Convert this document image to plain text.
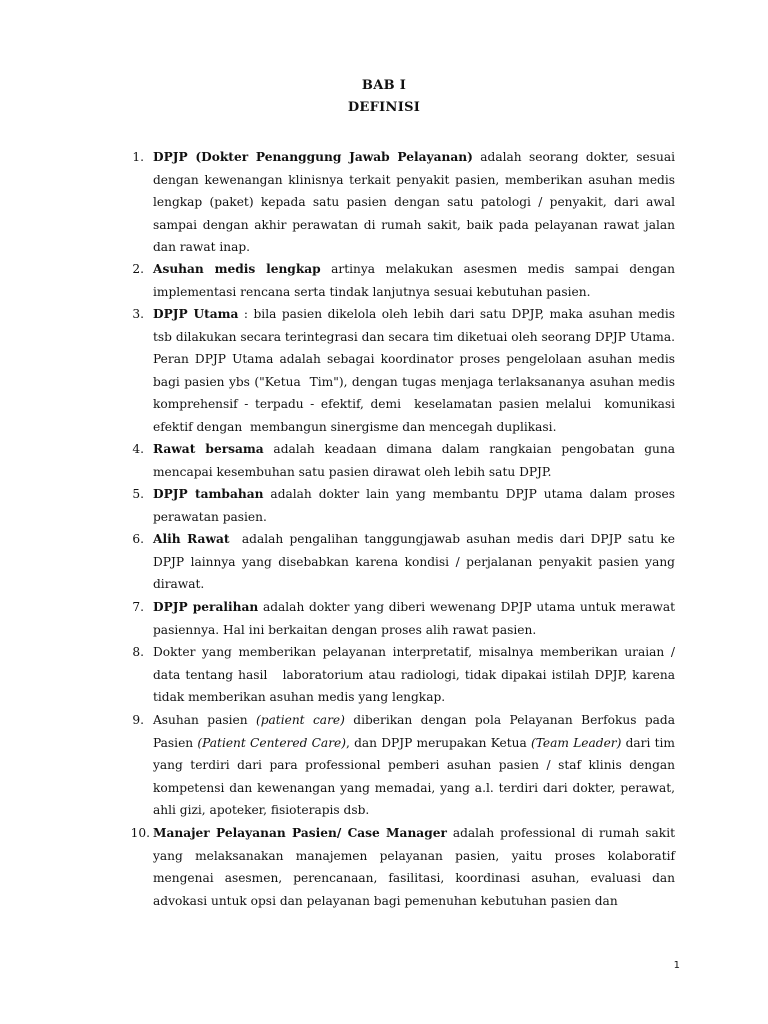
BAB I
DEFINISI
1. DPJP (Dokter Penanggung Jawab Pelayanan) adalah seorang dokter, sesuai dengan kewenangan klinisnya terkait penyakit pasien, memberikan asuhan medis lengkap (paket) kepada satu pasien dengan satu patologi / penyakit, dari awal sampai dengan akhir perawatan di rumah sakit, baik pada pelayanan rawat jalan dan rawat inap.
2. Asuhan medis lengkap artinya melakukan asesmen medis sampai dengan implementasi rencana serta tindak lanjutnya sesuai kebutuhan pasien.
3. DPJP Utama : bila pasien dikelola oleh lebih dari satu DPJP, maka asuhan medis tsb dilakukan secara terintegrasi dan secara tim diketuai oleh seorang DPJP Utama. Peran DPJP Utama adalah sebagai koordinator proses pengelolaan asuhan medis bagi pasien ybs ("Ketua  Tim"), dengan tugas menjaga terlaksananya asuhan medis komprehensif - terpadu - efektif, demi  keselamatan pasien melalui  komunikasi efektif dengan  membangun sinergisme dan mencegah duplikasi.
4. Rawat bersama adalah keadaan dimana dalam rangkaian pengobatan guna mencapai kesembuhan satu pasien dirawat oleh lebih satu DPJP.
5. DPJP tambahan adalah dokter lain yang membantu DPJP utama dalam proses perawatan pasien.
6. Alih Rawat  adalah pengalihan tanggungjawab asuhan medis dari DPJP satu ke DPJP lainnya yang disebabkan karena kondisi / perjalanan penyakit pasien yang dirawat.
7. DPJP peralihan adalah dokter yang diberi wewenang DPJP utama untuk merawat pasiennya. Hal ini berkaitan dengan proses alih rawat pasien.
8. Dokter yang memberikan pelayanan interpretatif, misalnya memberikan uraian / data tentang hasil   laboratorium atau radiologi, tidak dipakai istilah DPJP, karena tidak memberikan asuhan medis yang lengkap.
9. Asuhan pasien (patient care) diberikan dengan pola Pelayanan Berfokus pada Pasien (Patient Centered Care), dan DPJP merupakan Ketua (Team Leader) dari tim yang terdiri dari para professional pemberi asuhan pasien / staf klinis dengan kompetensi dan kewenangan yang memadai, yang a.l. terdiri dari dokter, perawat, ahli gizi, apoteker, fisioterapis dsb.
10. Manajer Pelayanan Pasien/ Case Manager adalah professional di rumah sakit yang melaksanakan manajemen pelayanan pasien, yaitu proses kolaboratif mengenai asesmen, perencanaan, fasilitasi, koordinasi asuhan, evaluasi dan advokasi untuk opsi dan pelayanan bagi pemenuhan kebutuhan pasien dan
1
